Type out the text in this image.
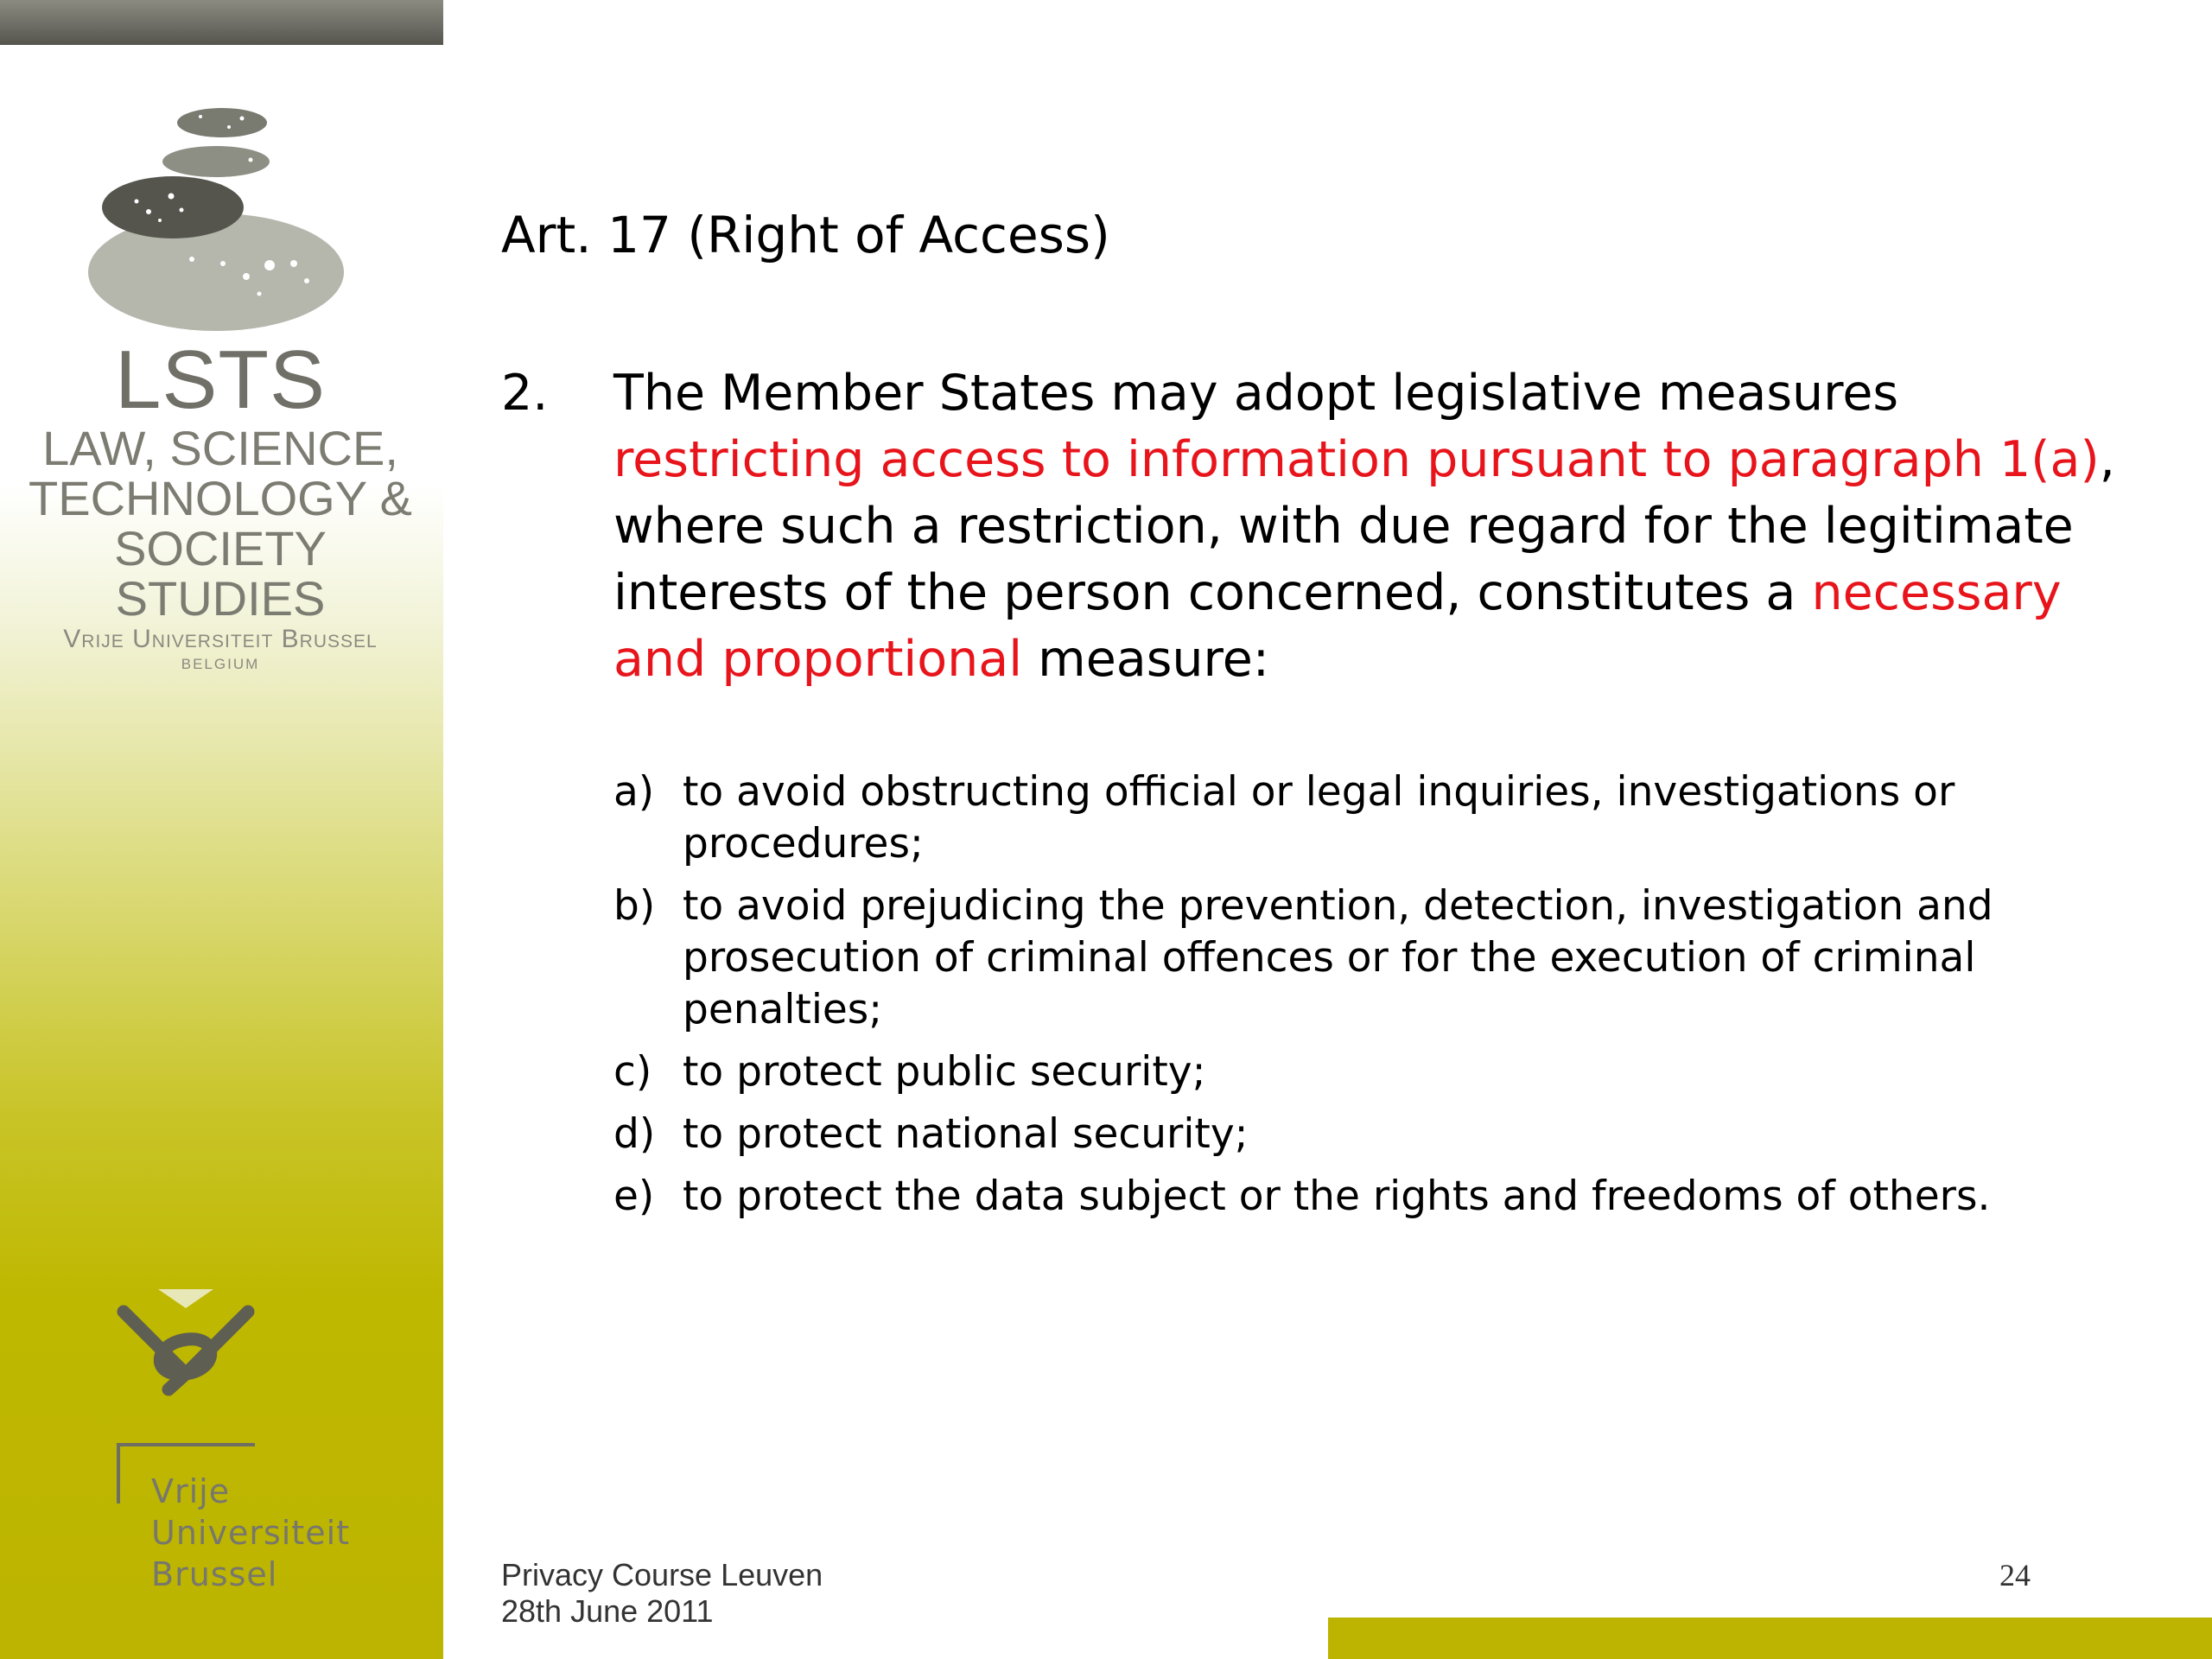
LSTS
LAW, SCIENCE,
TECHNOLOGY &
SOCIETY STUDIES
Vrije Universiteit Brussel
BELGIUM
Vrije
Universiteit
Brussel
Art. 17 (Right of Access)
2. The Member States may adopt legislative measures restricting access to information pursuant to paragraph 1(a), where such a restriction, with due regard for the legitimate interests of the person concerned, constitutes a necessary and proportional measure:
a) to avoid obstructing official or legal inquiries, investigations or procedures;
b) to avoid prejudicing the prevention, detection, investigation and prosecution of criminal offences or for the execution of criminal penalties;
c) to protect public security;
d) to protect national security;
e) to protect the data subject or the rights and freedoms of others.
Privacy Course Leuven
28th June 2011
24
